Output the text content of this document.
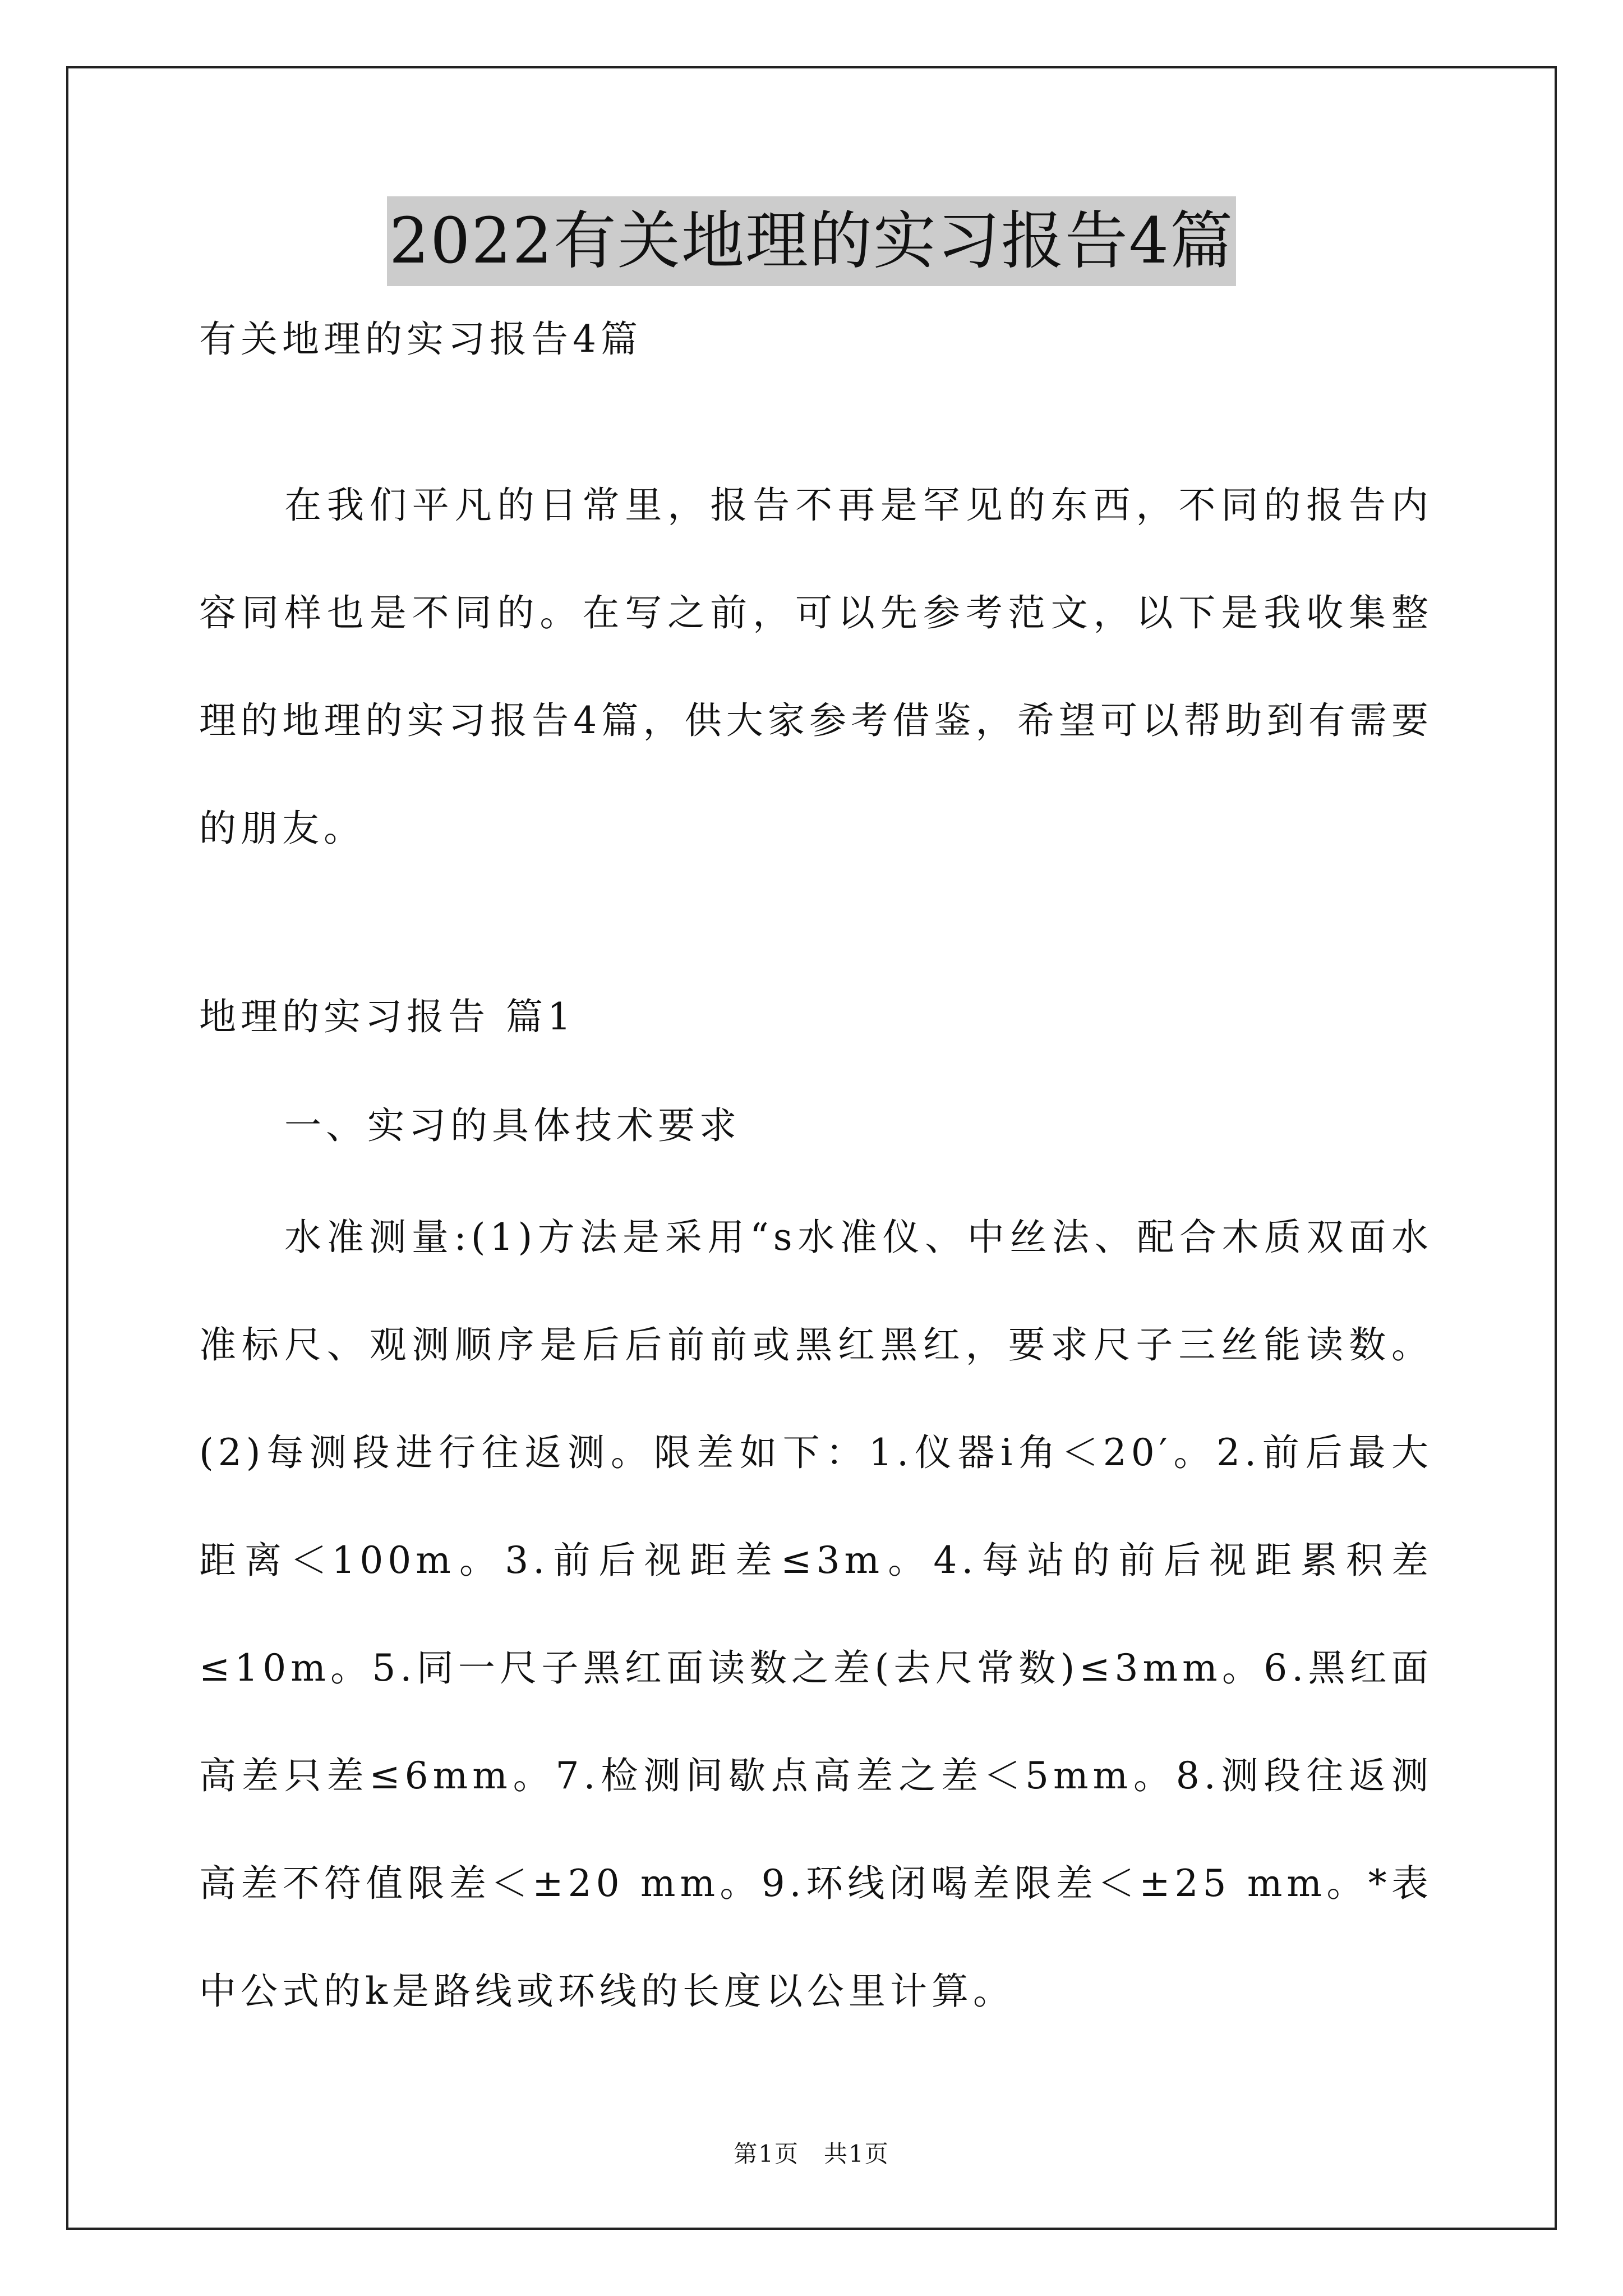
2022有关地理的实习报告4篇
有关地理的实习报告4篇
在我们平凡的日常里，报告不再是罕见的东西，不同的报告内容同样也是不同的。在写之前，可以先参考范文，以下是我收集整理的地理的实习报告4篇，供大家参考借鉴，希望可以帮助到有需要的朋友。
地理的实习报告 篇1
一、实习的具体技术要求
水准测量:(1)方法是采用“s水准仪、中丝法、配合木质双面水准标尺、观测顺序是后后前前或黑红黑红，要求尺子三丝能读数。(2)每测段进行往返测。限差如下：1.仪器i角＜20′。2.前后最大距离＜100m。3.前后视距差≤3m。4.每站的前后视距累积差≤10m。5.同一尺子黑红面读数之差(去尺常数)≤3mm。6.黑红面高差只差≤6mm。7.检测间歇点高差之差＜5mm。8.测段往返测高差不符值限差＜±20 mm。9.环线闭喝差限差＜±25 mm。*表中公式的k是路线或环线的长度以公里计算。
第1页　共1页
